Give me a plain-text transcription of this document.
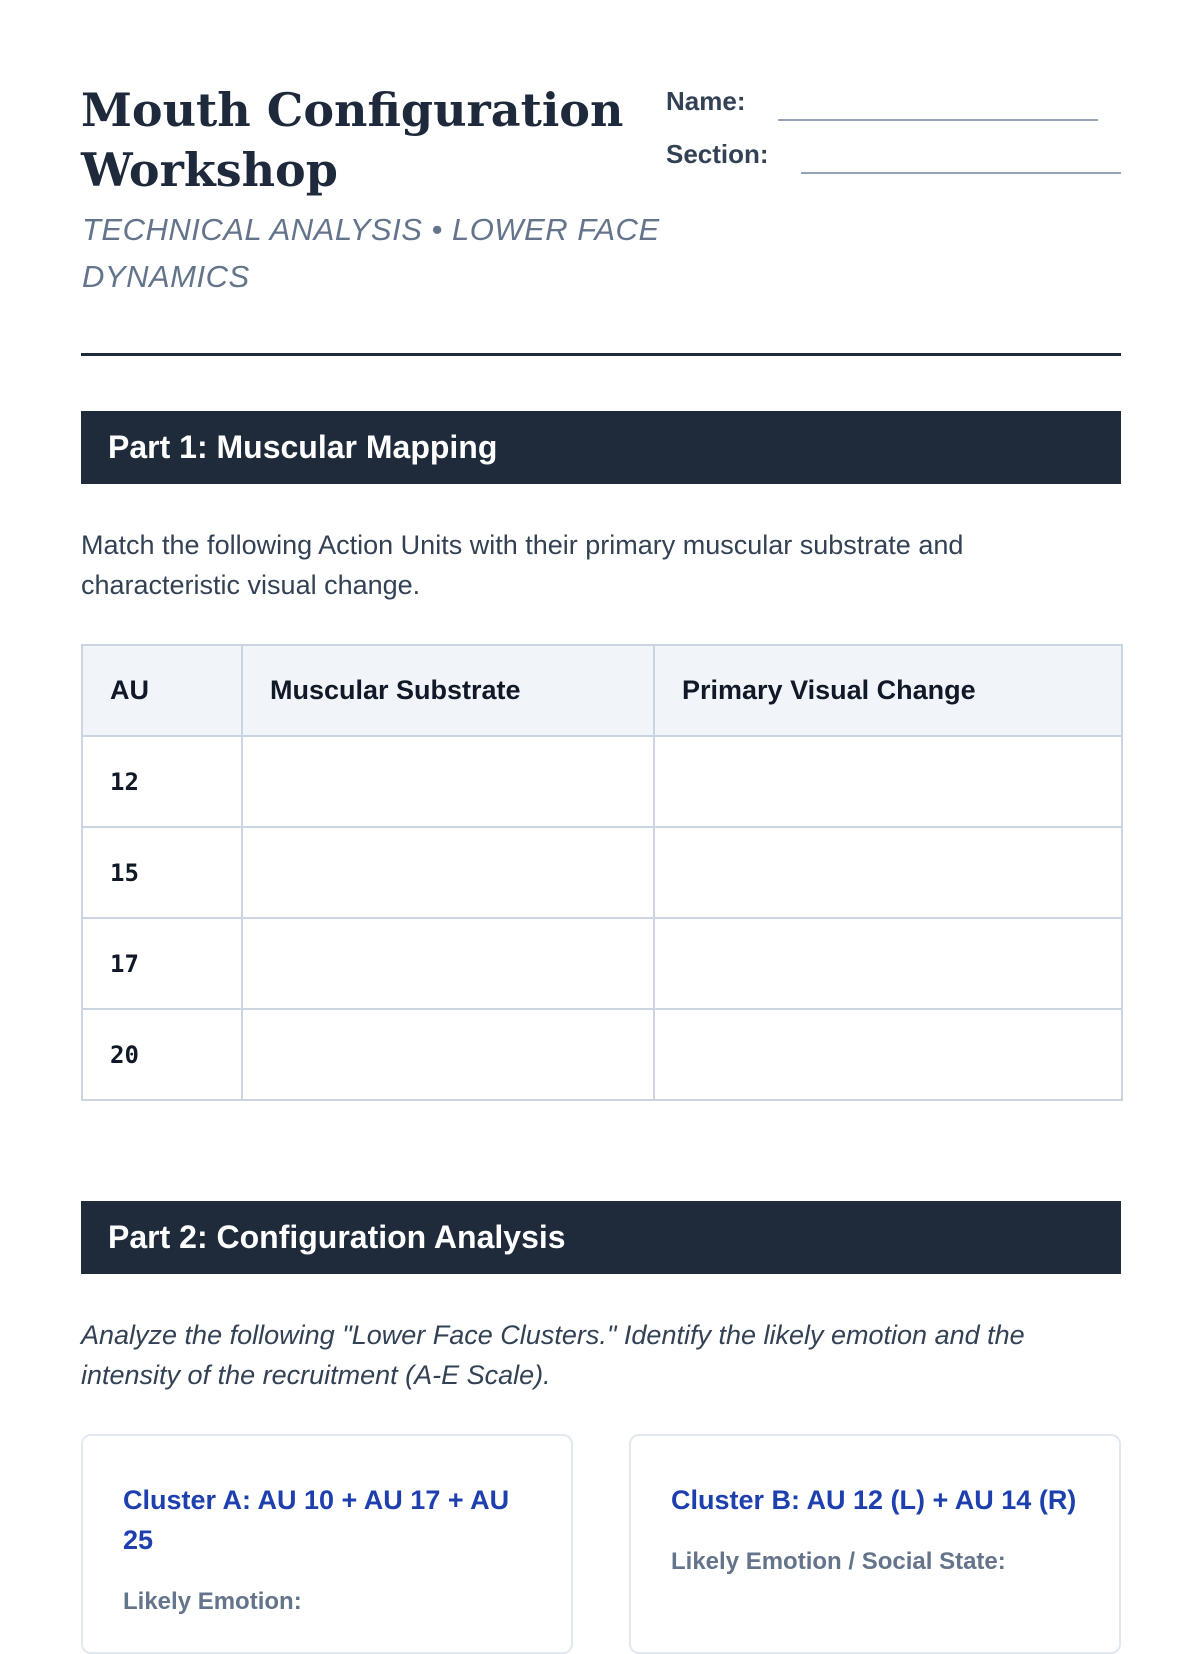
Mouth Configuration Workshop
TECHNICAL ANALYSIS • LOWER FACE DYNAMICS
Name:
Section:
Part 1: Muscular Mapping
Match the following Action Units with their primary muscular substrate and characteristic visual change.
AU	Muscular Substrate	Primary Visual Change
12		
15		
17		
20		
Part 2: Configuration Analysis
Analyze the following "Lower Face Clusters." Identify the likely emotion and the intensity of the recruitment (A-E Scale).
Cluster A: AU 10 + AU 17 + AU 25
Likely Emotion:
Cluster B: AU 12 (L) + AU 14 (R)
Likely Emotion / Social State:
